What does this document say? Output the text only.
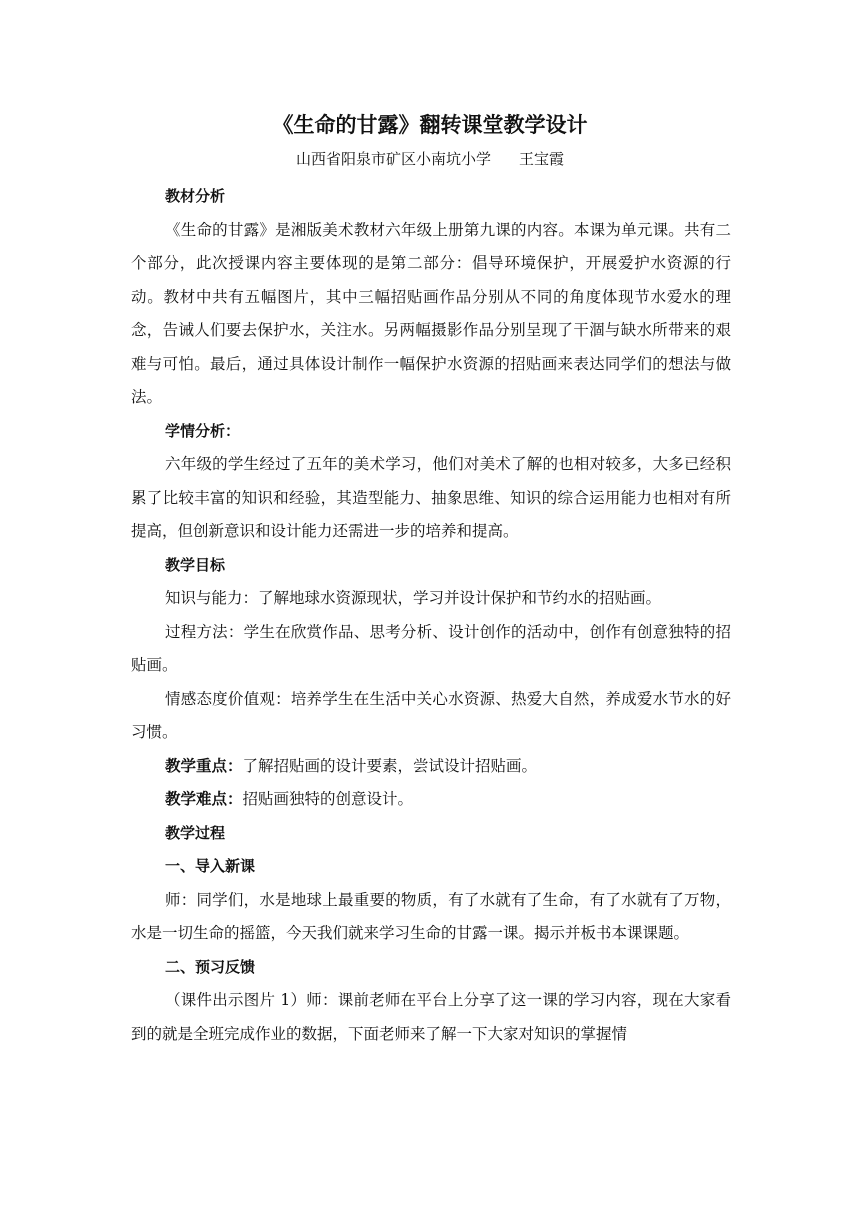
《生命的甘露》翻转课堂教学设计
山西省阳泉市矿区小南坑小学 王宝霞

教材分析

《生命的甘露》是湘版美术教材六年级上册第九课的内容。本课为单元课。共有二个部分，此次授课内容主要体现的是第二部分：倡导环境保护，开展爱护水资源的行动。教材中共有五幅图片，其中三幅招贴画作品分别从不同的角度体现节水爱水的理念，告诫人们要去保护水，关注水。另两幅摄影作品分别呈现了干涸与缺水所带来的艰难与可怕。最后，通过具体设计制作一幅保护水资源的招贴画来表达同学们的想法与做法。

学情分析：

六年级的学生经过了五年的美术学习，他们对美术了解的也相对较多，大多已经积累了比较丰富的知识和经验，其造型能力、抽象思维、知识的综合运用能力也相对有所提高，但创新意识和设计能力还需进一步的培养和提高。

教学目标

知识与能力：了解地球水资源现状，学习并设计保护和节约水的招贴画。

过程方法：学生在欣赏作品、思考分析、设计创作的活动中，创作有创意独特的招贴画。

情感态度价值观：培养学生在生活中关心水资源、热爱大自然，养成爱水节水的好习惯。

教学重点：了解招贴画的设计要素，尝试设计招贴画。

教学难点：招贴画独特的创意设计。

教学过程

一、导入新课

师：同学们，水是地球上最重要的物质，有了水就有了生命，有了水就有了万物，水是一切生命的摇篮，今天我们就来学习生命的甘露一课。揭示并板书本课课题。

二、预习反馈

（课件出示图片 1）师：课前老师在平台上分享了这一课的学习内容，现在大家看到的就是全班完成作业的数据，下面老师来了解一下大家对知识的掌握情
